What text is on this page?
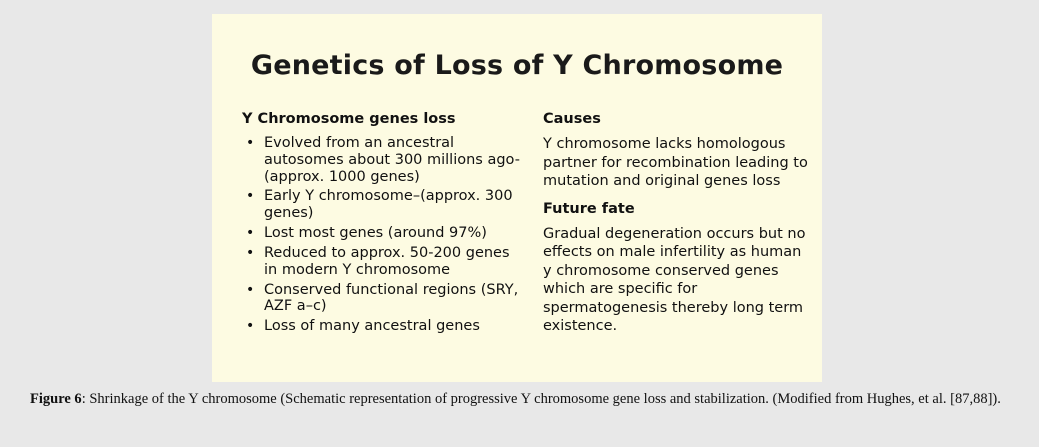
Genetics of Loss of Y Chromosome
Y Chromosome genes loss
• Evolved from an ancestral autosomes about 300 millions ago- (approx. 1000 genes)
• Early Y chromosome–(approx. 300 genes)
• Lost most genes (around 97%)
• Reduced to approx. 50-200 genes in modern Y chromosome
• Conserved functional regions (SRY, AZF a–c)
• Loss of many ancestral genes
Causes

Y chromosome lacks homologous partner for recombination leading to mutation and original genes loss

Future fate

Gradual degeneration occurs but no effects on male infertility as human y chromosome conserved genes which are specific for spermatogenesis thereby long term existence.

Figure 6: Shrinkage of the Y chromosome (Schematic representation of progressive Y chromosome gene loss and stabilization. (Modified from Hughes, et al. [87,88]).
